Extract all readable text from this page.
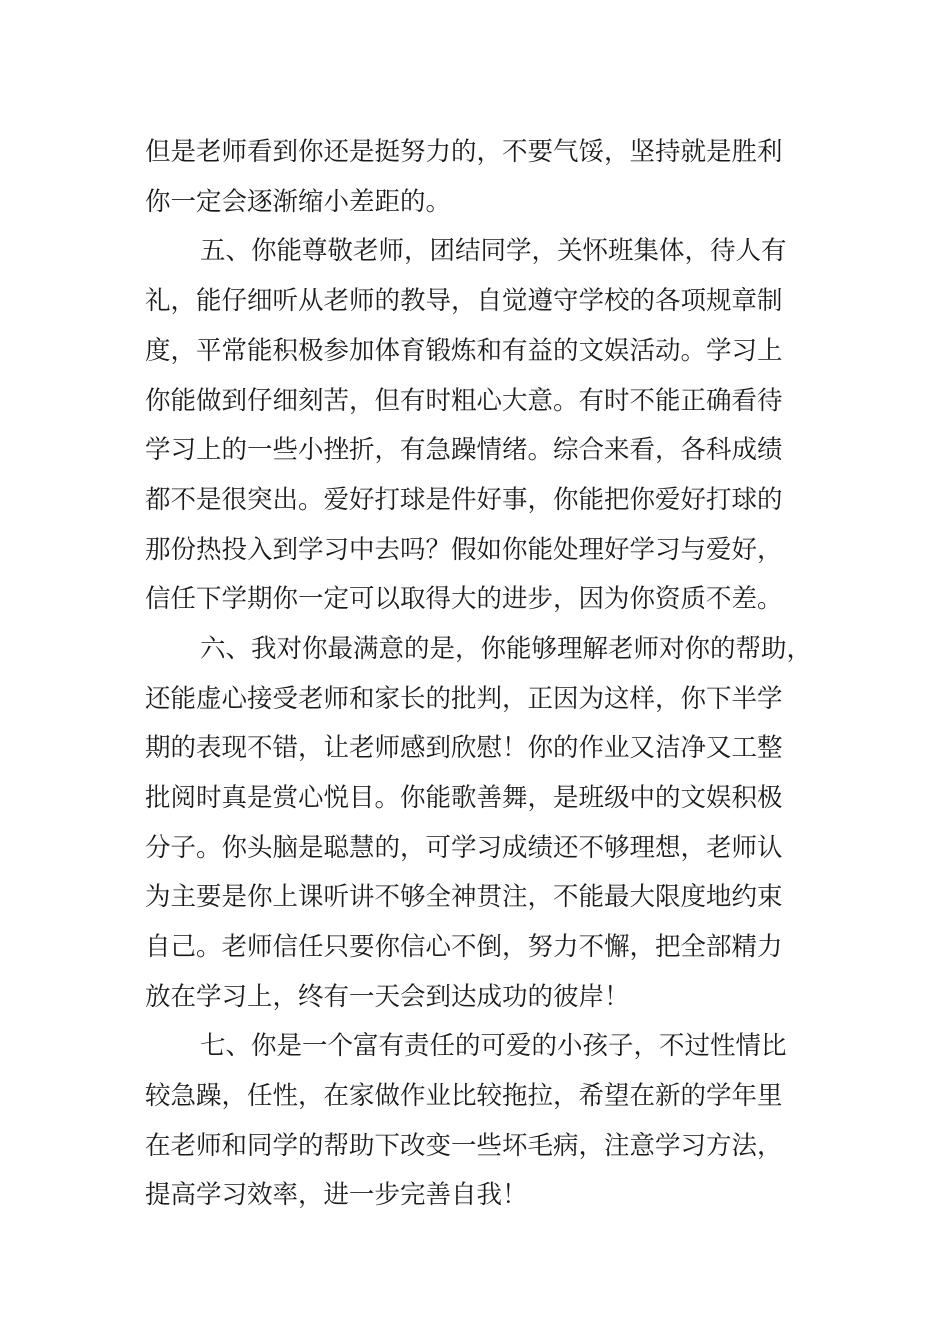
但是老师看到你还是挺努力的，不要气馁，坚持就是胜利

你一定会逐渐缩小差距的。

五、你能尊敬老师，团结同学，关怀班集体，待人有

礼，能仔细听从老师的教导，自觉遵守学校的各项规章制

度，平常能积极参加体育锻炼和有益的文娱活动。学习上

你能做到仔细刻苦，但有时粗心大意。有时不能正确看待

学习上的一些小挫折，有急躁情绪。综合来看，各科成绩

都不是很突出。爱好打球是件好事，你能把你爱好打球的

那份热投入到学习中去吗？假如你能处理好学习与爱好，

信任下学期你一定可以取得大的进步，因为你资质不差。

六、我对你最满意的是，你能够理解老师对你的帮助，

还能虚心接受老师和家长的批判，正因为这样，你下半学

期的表现不错，让老师感到欣慰！你的作业又洁净又工整

批阅时真是赏心悦目。你能歌善舞，是班级中的文娱积极

分子。你头脑是聪慧的，可学习成绩还不够理想，老师认

为主要是你上课听讲不够全神贯注，不能最大限度地约束

自己。老师信任只要你信心不倒，努力不懈，把全部精力

放在学习上，终有一天会到达成功的彼岸！

七、你是一个富有责任的可爱的小孩子，不过性情比

较急躁，任性，在家做作业比较拖拉，希望在新的学年里

在老师和同学的帮助下改变一些坏毛病，注意学习方法，

提高学习效率，进一步完善自我！
